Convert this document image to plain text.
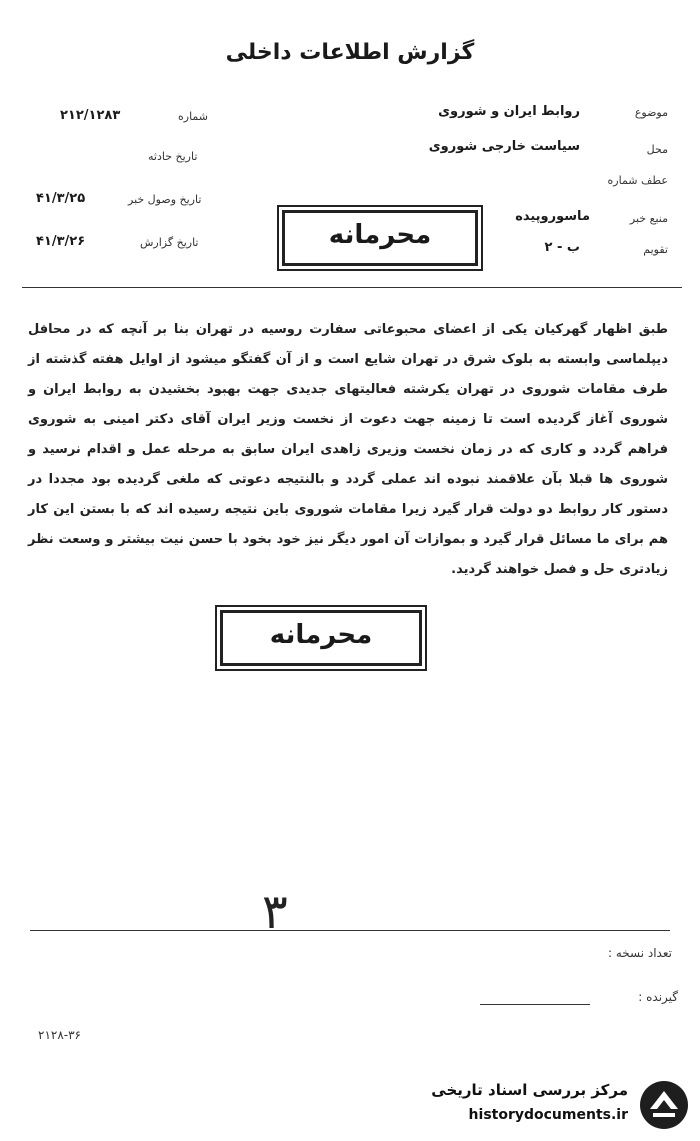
گزارش اطلاعات داخلی
موضوع
روابط ایران و شوروی
محل
سیاست خارجی شوروی
عطف شماره
منبع خبر
ماسوروپیده
تقویم
ب - ۲
شماره
۲۱۲/۱۲۸۳
تاریخ حادثه
تاریخ وصول خبر
۴۱/۳/۲۵
تاریخ گزارش
۴۱/۳/۲۶	محرمانه
طبق اظهار گهرکیان یکی از اعضای محبوعاتی سفارت روسیه در تهران بنا بر آنچه که در محافل دیپلماسی وابسته به بلوک شرق در تهران شایع است و از آن گفتگو میشود از اوایل هفته گذشته از طرف مقامات شوروی در تهران یکرشته فعالیتهای جدیدی جهت بهبود بخشیدن به روابط ایران و شوروی آغاز گردیده است تا زمینه جهت دعوت از نخست وزیر ایران آقای دکتر امینی به شوروی فراهم گردد و کاری که در زمان نخست وزیری زاهدی ایران سابق به مرحله عمل و اقدام نرسید و شوروی ها قبلا بآن علاقمند نبوده اند عملی گردد و بالنتیجه دعوتی که ملغی گردیده بود مجددا در دستور کار روابط دو دولت قرار گیرد زیرا مقامات شوروی باین نتیجه رسیده اند که با بستن این کار هم برای ما مسائل قرار گیرد و بموازات آن امور دیگر نیز خود بخود با حسن نیت بیشتر و وسعت نظر زیادتری حل و فصل خواهند گردید.
محرمانه
۳
تعداد نسخه :
گیرنده :
۲۱۲۸-۳۶
مرکز بررسی اسناد تاریخی
historydocuments.ir
